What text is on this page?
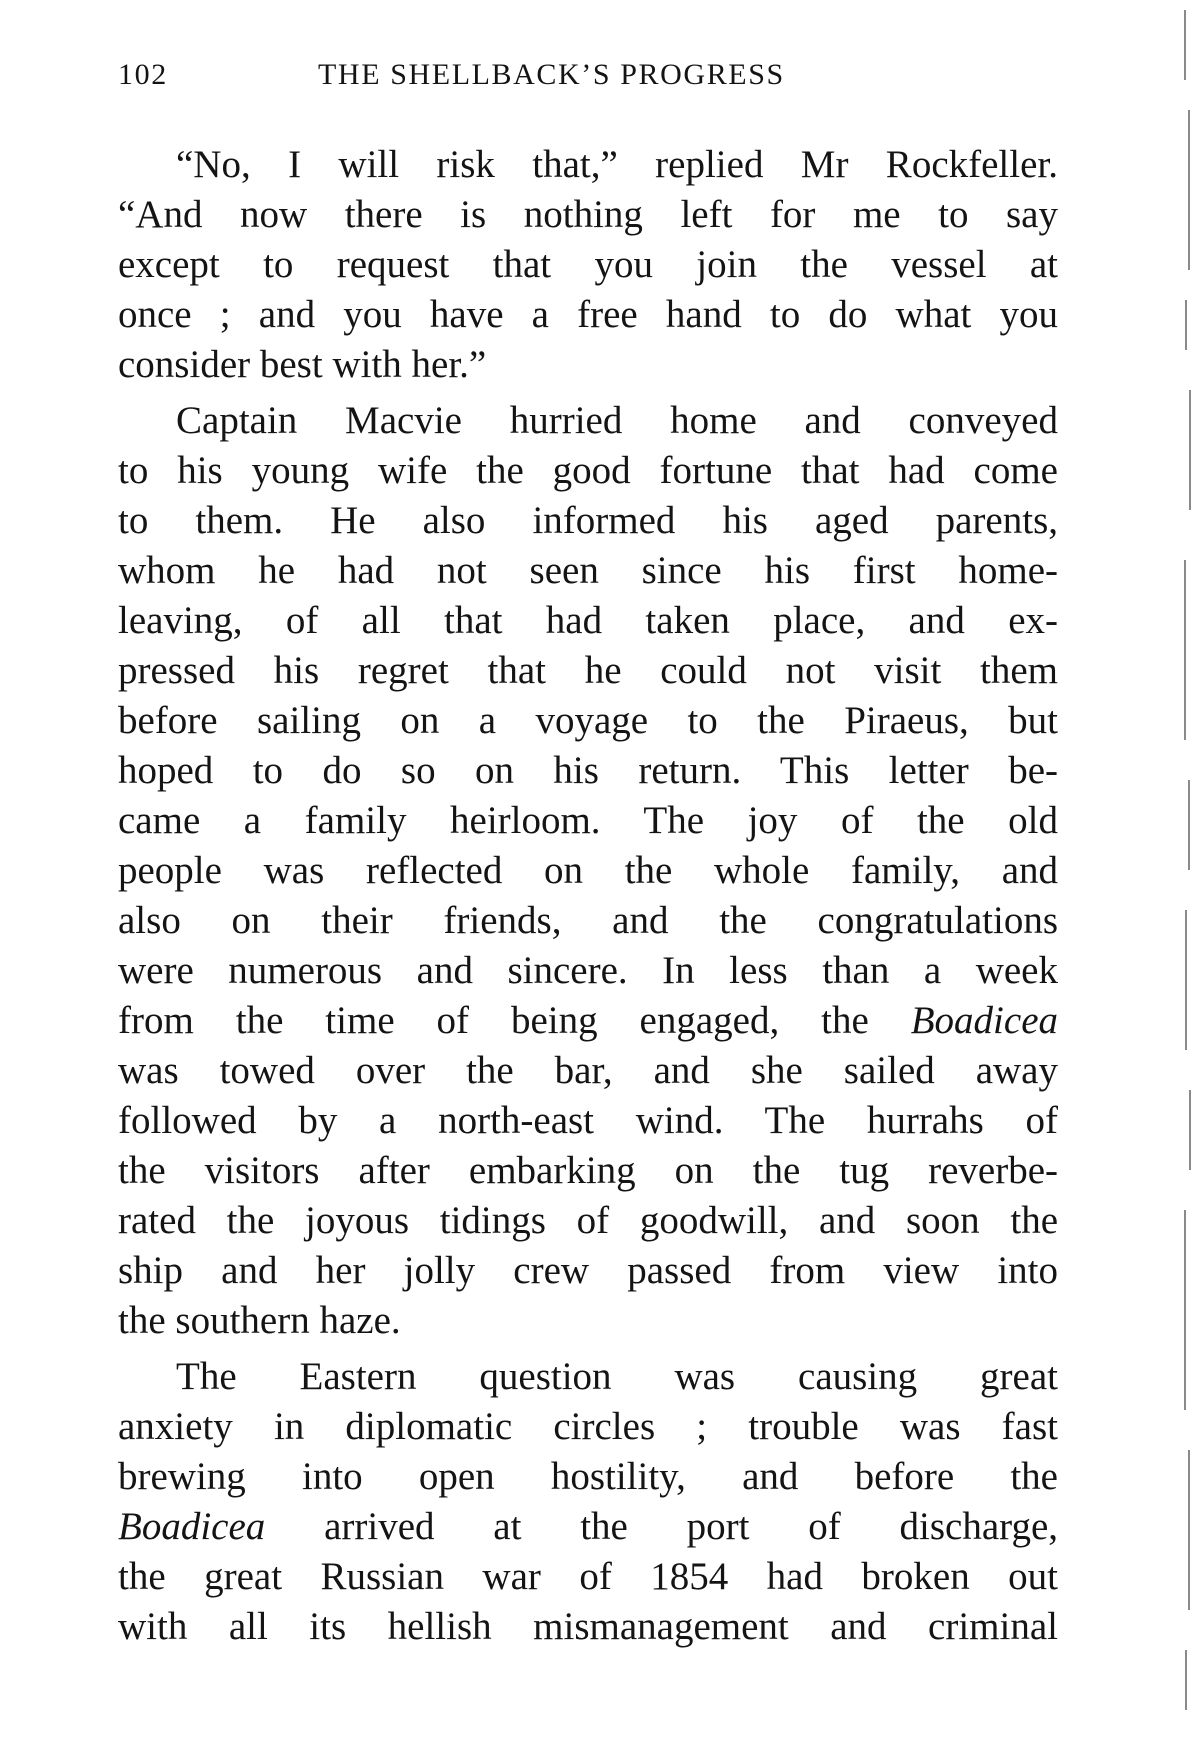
102	THE SHELLBACK’S PROGRESS
“No, I will risk that,” replied Mr Rockfeller.
“And now there is nothing left for me to say
except to request that you join the vessel at
once ; and you have a free hand to do what you
consider best with her.”
Captain Macvie hurried home and conveyed
to his young wife the good fortune that had come
to them. He also informed his aged parents,
whom he had not seen since his first home-
leaving, of all that had taken place, and ex-
pressed his regret that he could not visit them
before sailing on a voyage to the Piraeus, but
hoped to do so on his return. This letter be-
came a family heirloom. The joy of the old
people was reflected on the whole family, and
also on their friends, and the congratulations
were numerous and sincere. In less than a week
from the time of being engaged, the Boadicea
was towed over the bar, and she sailed away
followed by a north-east wind. The hurrahs of
the visitors after embarking on the tug reverbe-
rated the joyous tidings of goodwill, and soon the
ship and her jolly crew passed from view into
the southern haze.
The Eastern question was causing great
anxiety in diplomatic circles ; trouble was fast
brewing into open hostility, and before the
Boadicea arrived at the port of discharge,
the great Russian war of 1854 had broken out
with all its hellish mismanagement and criminal
